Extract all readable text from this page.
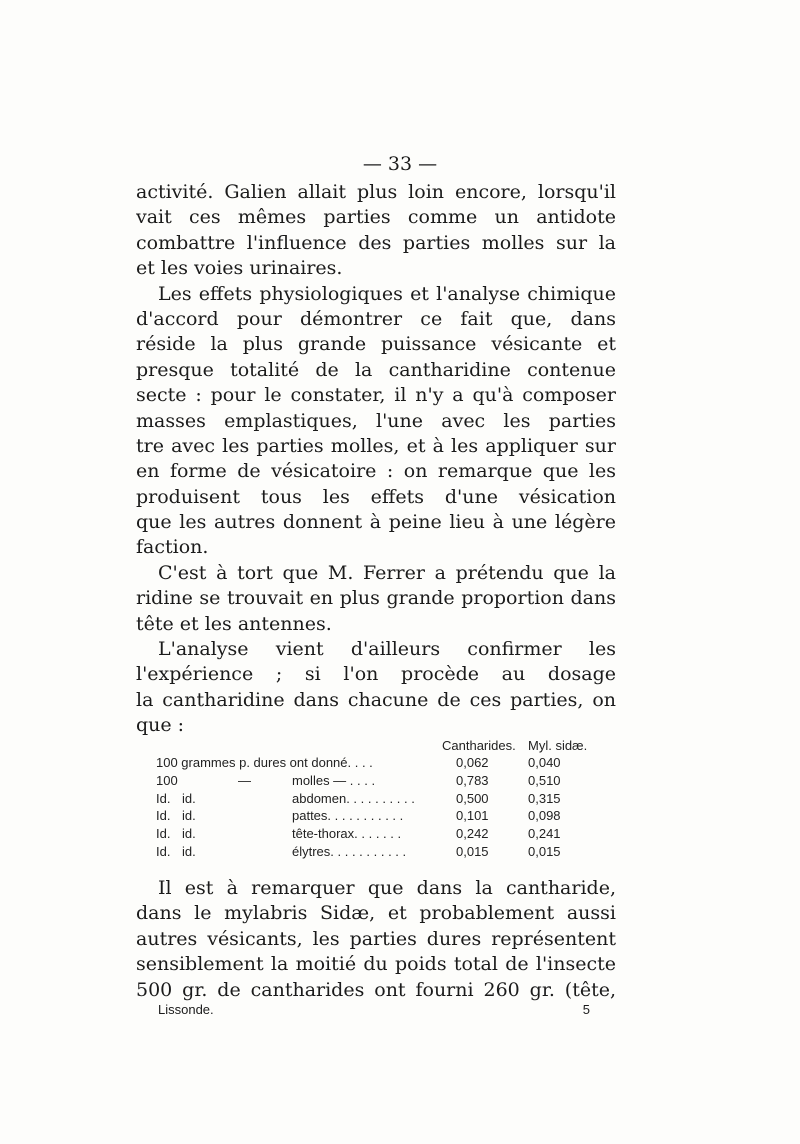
— 33 —
activité. Galien allait plus loin encore, lorsqu'il
vait ces mêmes parties comme un antidote
combattre l'influence des parties molles sur la
et les voies urinaires.
Les effets physiologiques et l'analyse chimique
d'accord pour démontrer ce fait que, dans
réside la plus grande puissance vésicante et
presque totalité de la cantharidine contenue
secte : pour le constater, il n'y a qu'à composer
masses emplastiques, l'une avec les parties
tre avec les parties molles, et à les appliquer sur
en forme de vésicatoire : on remarque que les
produisent tous les effets d'une vésication
que les autres donnent à peine lieu à une légère
faction.
C'est à tort que M. Ferrer a prétendu que la
ridine se trouvait en plus grande proportion dans
tête et les antennes.
L'analyse vient d'ailleurs confirmer les
l'expérience ; si l'on procède au dosage
la cantharidine dans chacune de ces parties, on
que :
Cantharides. Myl. sidæ.
100 grammes p. dures ont donné. . . .	0,062	0,040
100	—	molles — . . . .	0,783	0,510
Id. id.	abdomen. . . . . . . . . .	0,500	0,315
Id. id.	pattes. . . . . . . . . . .	0,101	0,098
Id. id.	tête-thorax. . . . . . .	0,242	0,241
Id. id.	élytres. . . . . . . . . . .	0,015	0,015
Il est à remarquer que dans la cantharide,
dans le mylabris Sidæ, et probablement aussi
autres vésicants, les parties dures représentent
sensiblement la moitié du poids total de l'insecte
500 gr. de cantharides ont fourni 260 gr. (tête,
Lissonde.	5
